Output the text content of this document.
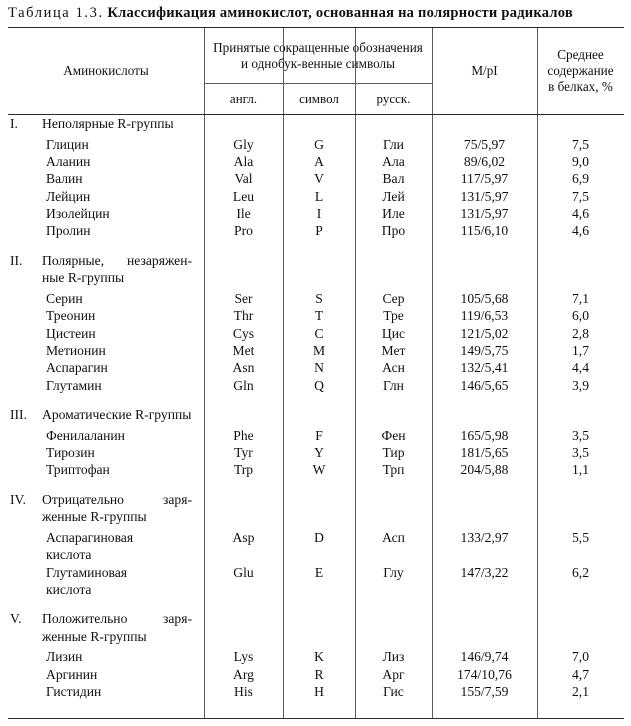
Таблица 1.3. Классификация аминокислот, основанная на полярности радикалов
Аминокислоты
Принятые сокращенные обозначения и однобук-венные символы	M/pI
Среднее содержание в белках, %
англ.	символ	русск.
I.	Неполярные R-группы
Глицин	Gly	G	Гли	75/5,97	7,5
Аланин	Ala	A	Ала	89/6,02	9,0
Валин	Val	V	Вал	117/5,97	6,9
Лейцин	Leu	L	Лей	131/5,97	7,5
Изолейцин	Ile	I	Иле	131/5,97	4,6
Пролин	Pro	P	Про	115/6,10	4,6
II.	Полярные, незаряжен-ные R-группы
Серин	Ser	S	Сер	105/5,68	7,1
Треонин	Thr	T	Тре	119/6,53	6,0
Цистеин	Cys	C	Цис	121/5,02	2,8
Метионин	Met	M	Мет	149/5,75	1,7
Аспарагин	Asn	N	Асн	132/5,41	4,4
Глутамин	Gln	Q	Глн	146/5,65	3,9
III.	Ароматические R-группы
Фенилаланин	Phe	F	Фен	165/5,98	3,5
Тирозин	Tyr	Y	Тир	181/5,65	3,5
Триптофан	Trp	W	Трп	204/5,88	1,1
IV.	Отрицательно заря-женные R-группы
Аспарагиновая
кислота
Asp	D	Асп	133/2,97	5,5
Глутаминовая
кислота
Glu	E	Глу	147/3,22	6,2
V.	Положительно заря-женные R-группы
Лизин	Lys	K	Лиз	146/9,74	7,0
Аргинин	Arg	R	Арг	174/10,76	4,7
Гистидин	His	H	Гис	155/7,59	2,1
